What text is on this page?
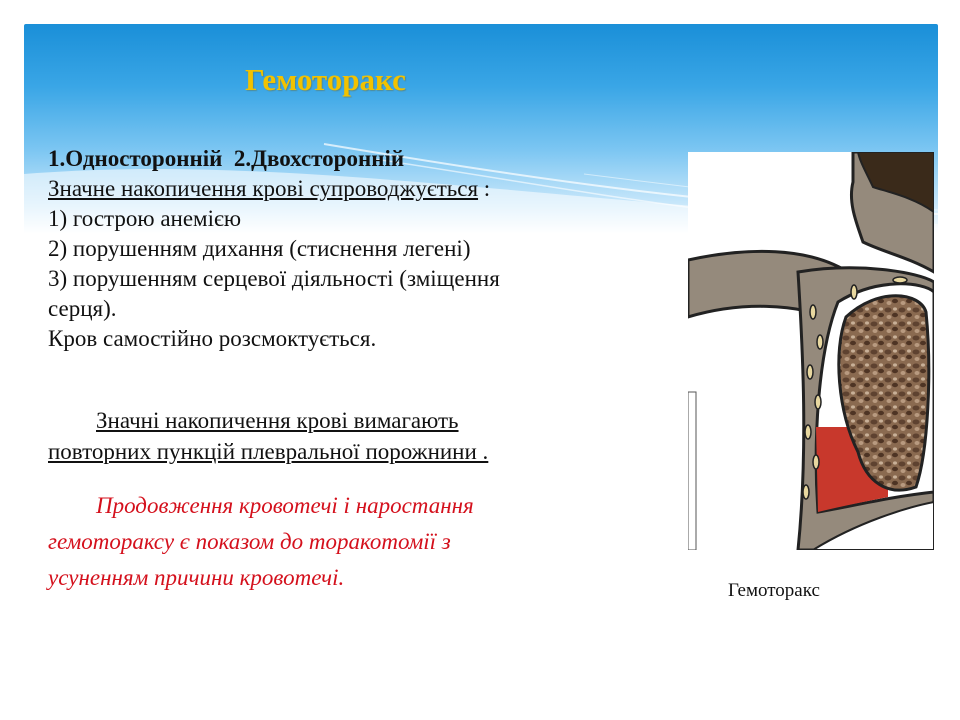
Гемоторакс
1.Односторонній 2.Двохсторонній
Значне накопичення крові супроводжується :
1) гострою анемією
2) порушенням дихання (стиснення легені)
3) порушенням серцевої діяльності (зміщення
серця).
Кров самостійно розсмоктується.
Значні накопичення крові вимагають
повторних пункцій плевральної порожнини .
Продовження кровотечі і наростання
гемотораксу є показом до торакотомії з
усуненням причини кровотечі.
Гемоторакс
